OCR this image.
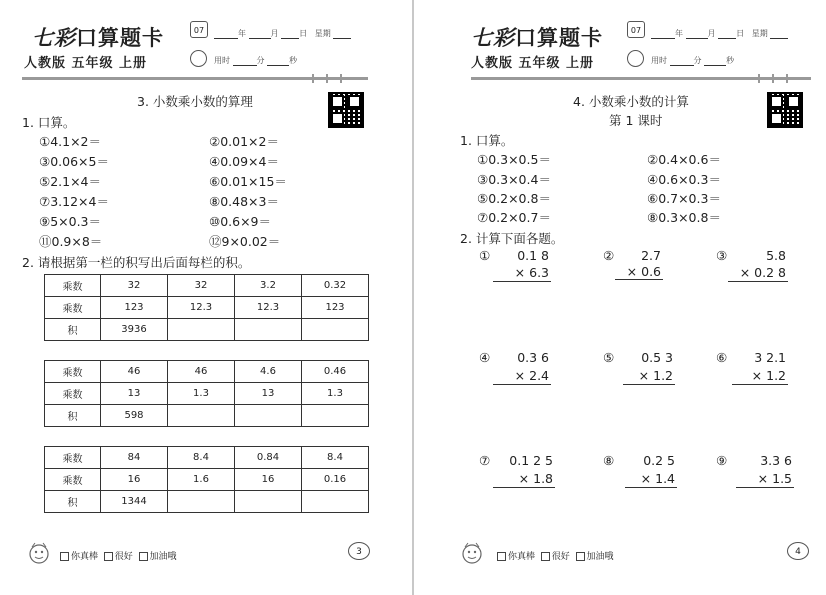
七彩口算题卡
人教版 五年级 上册
07	年	月	日 星期
用时	分	秒
3. 小数乘小数的算理
1. 口算。
①4.1×2＝	②0.01×2＝
③0.06×5＝	④0.09×4＝
⑤2.1×4＝	⑥0.01×15＝
⑦3.12×4＝	⑧0.48×3＝
⑨5×0.3＝	⑩0.6×9＝
⑪0.9×8＝	⑫9×0.02＝
2. 请根据第一栏的积写出后面每栏的积。
乘数	32	32	3.2	0.32
乘数	123	12.3	12.3	123
积	3936			
乘数	46	46	4.6	0.46
乘数	13	1.3	13	1.3
积	598			
乘数	84	8.4	0.84	8.4
乘数	16	1.6	16	0.16
积	1344			
你真棒 很好 加油哦	3
七彩口算题卡
人教版 五年级 上册
07	年	月	日 星期
用时	分	秒
4. 小数乘小数的计算
第 1 课时
1. 口算。
①0.3×0.5＝	②0.4×0.6＝
③0.3×0.4＝	④0.6×0.3＝
⑤0.2×0.8＝	⑥0.7×0.3＝
⑦0.2×0.7＝	⑧0.3×0.8＝
2. 计算下面各题。
① 0.1 8
× 6.3
② 2.7
× 0.6
③	5.8
× 0.2 8
④ 0.3 6
× 2.4
⑤ 0.5 3
× 1.2
⑥ 3 2.1
× 1.2
⑦ 0.1 2 5
× 1.8
⑧ 0.2 5
× 1.4
⑨	3.3 6
× 1.5
你真棒 很好 加油哦	4
